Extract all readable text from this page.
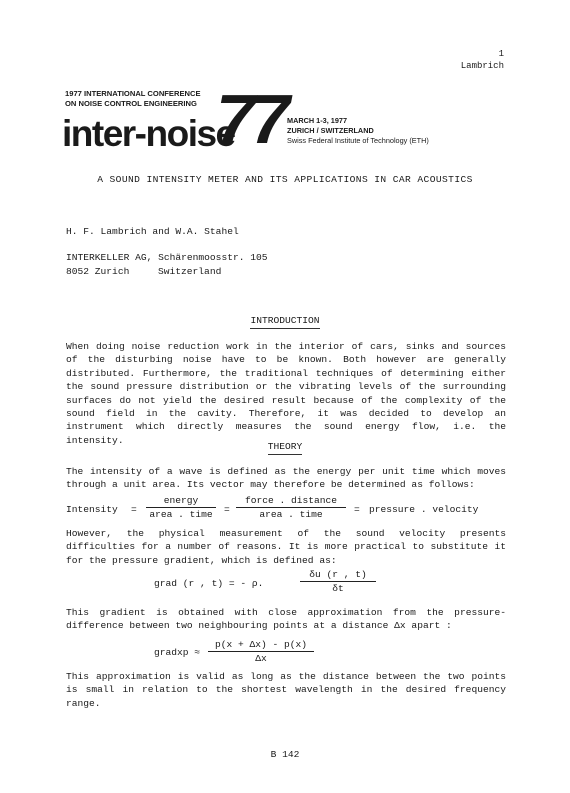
1
Lambrich
1977 INTERNATIONAL CONFERENCE
ON NOISE CONTROL ENGINEERING
inter-noise
77 MARCH 1-3, 1977
ZURICH / SWITZERLAND
Swiss Federal Institute of Technology (ETH)
A SOUND INTENSITY METER AND ITS APPLICATIONS IN CAR ACOUSTICS
H. F. Lambrich and W.A. Stahel
INTERKELLER AG, Schärenmoosstr. 105
8052 Zurich	Switzerland
INTRODUCTION

When doing noise reduction work in the interior of cars, sinks and sources of the disturbing noise have to be known. Both however are generally distributed. Furthermore, the traditional techniques of determining either the sound pressure distribution or the vibrating levels of the surrounding surfaces do not yield the desired result because of the complexity of the sound field in the cavity. Therefore, it was decided to develop an instrument which directly measures the sound energy flow, i.e. the intensity.

THEORY

The intensity of a wave is defined as the energy per unit time which moves through a unit area. Its vector may therefore be determined as follows:

Intensity =
energy
area . time	=
force . distance
area . time	= pressure . velocity

However, the physical measurement of the sound velocity presents difficulties for a number of reasons. It is more practical to substitute it for the pressure gradient, which is defined as:

grad (r , t) = - ρ.	$\frac{\delta u (r , t)}{\delta t}$

This gradient is obtained with close approximation from the pressure-difference between two neighbouring points at a distance Δx apart :

gradxp ≈ $\frac{p(x + \Delta x) - p(x)}{\Delta x}$

This approximation is valid as long as the distance between the two points is small in relation to the shortest wavelength in the desired frequency range.

B 142
